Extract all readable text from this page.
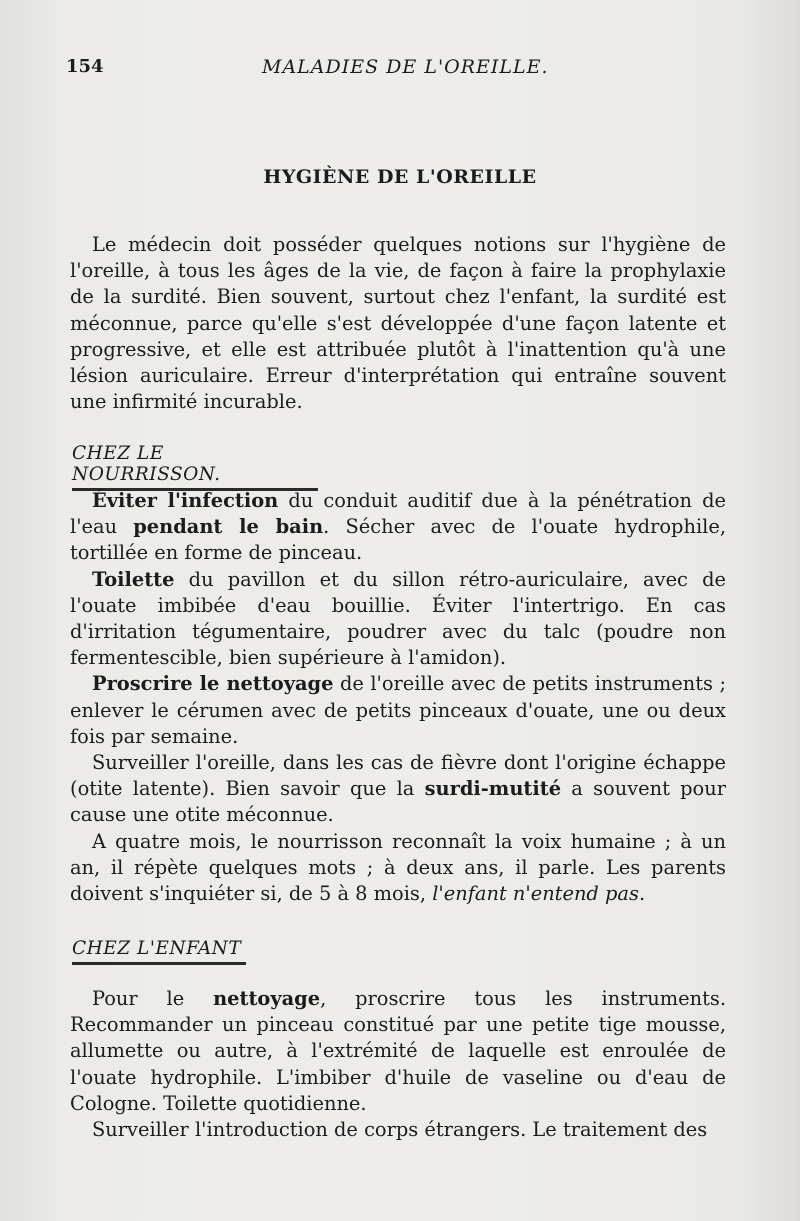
154	MALADIES DE L'OREILLE.
HYGIÈNE DE L'OREILLE

Le médecin doit posséder quelques notions sur l'hygiène de l'oreille, à tous les âges de la vie, de façon à faire la prophylaxie de la surdité. Bien souvent, surtout chez l'enfant, la surdité est méconnue, parce qu'elle s'est développée d'une façon latente et progressive, et elle est attribuée plutôt à l'inattention qu'à une lésion auriculaire. Erreur d'interprétation qui entraîne souvent une infirmité incurable.

CHEZ LE NOURRISSON.

Éviter l'infection du conduit auditif due à la pénétration de l'eau pendant le bain. Sécher avec de l'ouate hydrophile, tortillée en forme de pinceau.

Toilette du pavillon et du sillon rétro-auriculaire, avec de l'ouate imbibée d'eau bouillie. Éviter l'intertrigo. En cas d'irritation tégumentaire, poudrer avec du talc (poudre non fermentescible, bien supérieure à l'amidon).

Proscrire le nettoyage de l'oreille avec de petits instruments ; enlever le cérumen avec de petits pinceaux d'ouate, une ou deux fois par semaine.

Surveiller l'oreille, dans les cas de fièvre dont l'origine échappe (otite latente). Bien savoir que la surdi-mutité a souvent pour cause une otite méconnue.

A quatre mois, le nourrisson reconnaît la voix humaine ; à un an, il répète quelques mots ; à deux ans, il parle. Les parents doivent s'inquiéter si, de 5 à 8 mois, l'enfant n'entend pas.

CHEZ L'ENFANT

Pour le nettoyage, proscrire tous les instruments. Recommander un pinceau constitué par une petite tige mousse, allumette ou autre, à l'extrémité de laquelle est enroulée de l'ouate hydrophile. L'imbiber d'huile de vaseline ou d'eau de Cologne. Toilette quotidienne.

Surveiller l'introduction de corps étrangers. Le traitement des
